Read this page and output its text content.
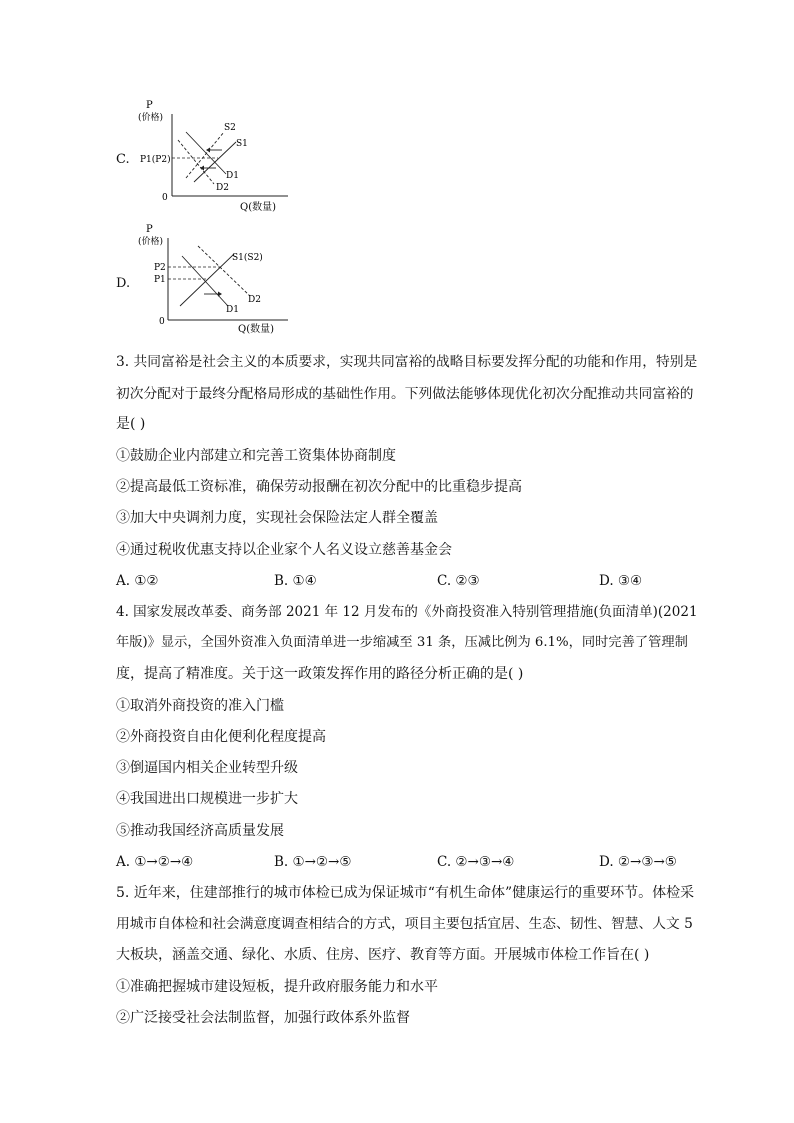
C.
P
(价格)
0
Q(数量)
P1(P2)
S2
S1
D1
D2
D.
P
(价格)
0
Q(数量)
P2
P1
S1(S2)
D1
D2
3. 共同富裕是社会主义的本质要求，实现共同富裕的战略目标要发挥分配的功能和作用，特别是
初次分配对于最终分配格局形成的基础性作用。下列做法能够体现优化初次分配推动共同富裕的
是( )
①鼓励企业内部建立和完善工资集体协商制度
②提高最低工资标准，确保劳动报酬在初次分配中的比重稳步提高
③加大中央调剂力度，实现社会保险法定人群全覆盖
④通过税收优惠支持以企业家个人名义设立慈善基金会
A. ①②	B. ①④	C. ②③	D. ③④
4. 国家发展改革委、商务部 2021 年 12 月发布的《外商投资准入特别管理措施(负面清单)(2021
年版)》显示，全国外资准入负面清单进一步缩减至 31 条，压减比例为 6.1%，同时完善了管理制
度，提高了精准度。关于这一政策发挥作用的路径分析正确的是( )
①取消外商投资的准入门槛
②外商投资自由化便利化程度提高
③倒逼国内相关企业转型升级
④我国进出口规模进一步扩大
⑤推动我国经济高质量发展
A. ①→②→④	B. ①→②→⑤	C. ②→③→④	D. ②→③→⑤
5. 近年来，住建部推行的城市体检已成为保证城市“有机生命体”健康运行的重要环节。体检采
用城市自体检和社会满意度调查相结合的方式，项目主要包括宜居、生态、韧性、智慧、人文 5
大板块，涵盖交通、绿化、水质、住房、医疗、教育等方面。开展城市体检工作旨在( )
①准确把握城市建设短板，提升政府服务能力和水平
②广泛接受社会法制监督，加强行政体系外监督
